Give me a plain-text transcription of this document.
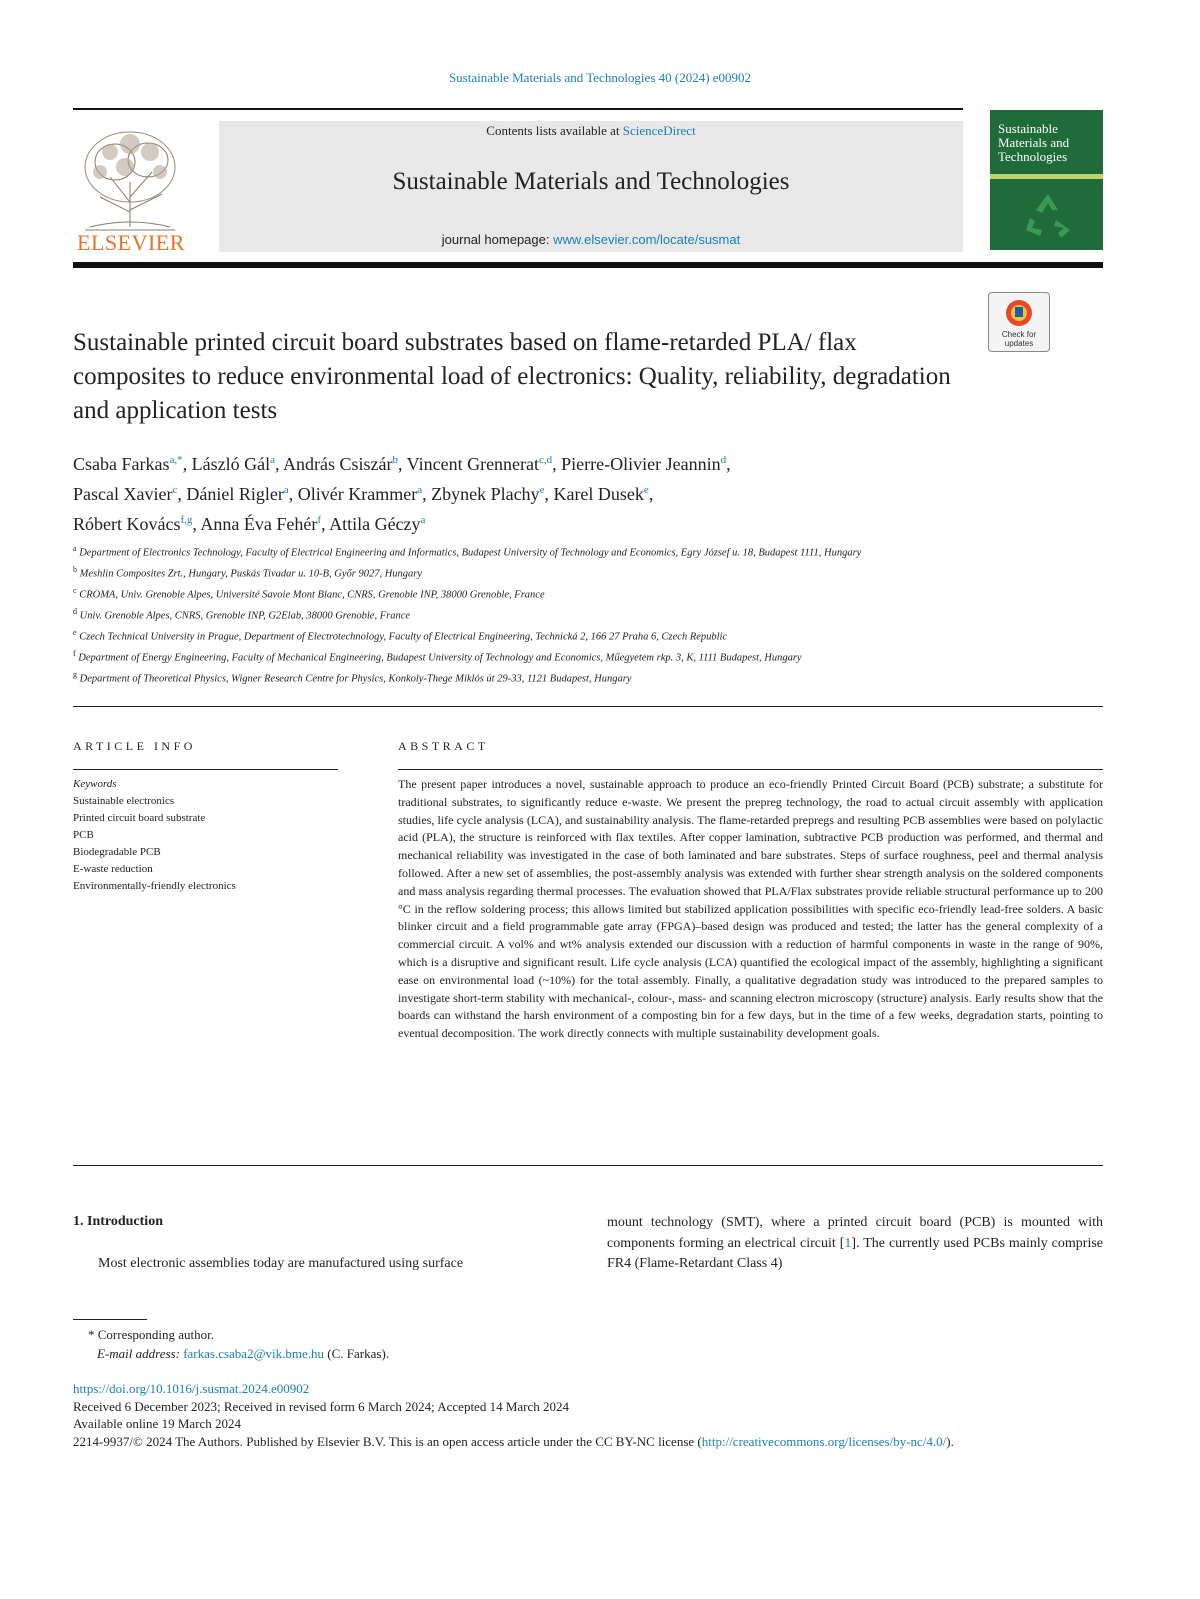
Sustainable Materials and Technologies 40 (2024) e00902
ELSEVIER
Contents lists available at ScienceDirect
Sustainable Materials and Technologies
journal homepage: www.elsevier.com/locate/susmat
Sustainable Materials and Technologies
Check for
updates
Sustainable printed circuit board substrates based on flame-retarded PLA/ flax composites to reduce environmental load of electronics: Quality, reliability, degradation and application tests
Csaba Farkas$^{a,*}$, László Gál$^a$, András Csiszár$^b$, Vincent Grennerat$^{c,d}$, Pierre-Olivier Jeannin$^d$,
Pascal Xavier$^c$, Dániel Rigler$^a$, Olivér Krammer$^a$, Zbynek Plachy$^e$, Karel Dusek$^e$,
Róbert Kovács$^{f,g}$, Anna Éva Fehér$^f$, Attila Géczy$^a$
$^a$ Department of Electronics Technology, Faculty of Electrical Engineering and Informatics, Budapest University of Technology and Economics, Egry József u. 18, Budapest 1111, Hungary
$^b$ Meshlin Composites Zrt., Hungary, Puskás Tivadar u. 10-B, Győr 9027, Hungary
$^c$ CROMA, Univ. Grenoble Alpes, Université Savoie Mont Blanc, CNRS, Grenoble INP, 38000 Grenoble, France
$^d$ Univ. Grenoble Alpes, CNRS, Grenoble INP, G2Elab, 38000 Grenoble, France
$^e$ Czech Technical University in Prague, Department of Electrotechnology, Faculty of Electrical Engineering, Technická 2, 166 27 Praha 6, Czech Republic
$^f$ Department of Energy Engineering, Faculty of Mechanical Engineering, Budapest University of Technology and Economics, Műegyetem rkp. 3, K, 1111 Budapest, Hungary
$^g$ Department of Theoretical Physics, Wigner Research Centre for Physics, Konkoly-Thege Miklós út 29-33, 1121 Budapest, Hungary
ARTICLE INFO
Keywords
Sustainable electronics
Printed circuit board substrate
PCB
Biodegradable PCB
E-waste reduction
Environmentally-friendly electronics
ABSTRACT
The present paper introduces a novel, sustainable approach to produce an eco-friendly Printed Circuit Board (PCB) substrate; a substitute for traditional substrates, to significantly reduce e-waste. We present the prepreg technology, the road to actual circuit assembly with application studies, life cycle analysis (LCA), and sustainability analysis. The flame-retarded prepregs and resulting PCB assemblies were based on polylactic acid (PLA), the structure is reinforced with flax textiles. After copper lamination, subtractive PCB production was performed, and thermal and mechanical reliability was investigated in the case of both laminated and bare substrates. Steps of surface roughness, peel and thermal analysis followed. After a new set of assemblies, the post-assembly analysis was extended with further shear strength analysis on the soldered components and mass analysis regarding thermal processes. The evaluation showed that PLA/Flax substrates provide reliable structural performance up to 200 °C in the reflow soldering process; this allows limited but stabilized application possibilities with specific eco-friendly lead-free solders. A basic blinker circuit and a field programmable gate array (FPGA)–based design was produced and tested; the latter has the general complexity of a commercial circuit. A vol% and wt% analysis extended our discussion with a reduction of harmful components in waste in the range of 90%, which is a disruptive and significant result. Life cycle analysis (LCA) quantified the ecological impact of the assembly, highlighting a significant ease on environmental load (~10%) for the total assembly. Finally, a qualitative degradation study was introduced to the prepared samples to investigate short-term stability with mechanical-, colour-, mass- and scanning electron microscopy (structure) analysis. Early results show that the boards can withstand the harsh environment of a composting bin for a few days, but in the time of a few weeks, degradation starts, pointing to eventual decomposition. The work directly connects with multiple sustainability development goals.
1. Introduction
Most electronic assemblies today are manufactured using surface
mount technology (SMT), where a printed circuit board (PCB) is mounted with components forming an electrical circuit [1]. The currently used PCBs mainly comprise FR4 (Flame-Retardant Class 4)
* Corresponding author.
E-mail address: farkas.csaba2@vik.bme.hu (C. Farkas).
https://doi.org/10.1016/j.susmat.2024.e00902
Received 6 December 2023; Received in revised form 6 March 2024; Accepted 14 March 2024
Available online 19 March 2024
2214-9937/© 2024 The Authors. Published by Elsevier B.V. This is an open access article under the CC BY-NC license (http://creativecommons.org/licenses/by-nc/4.0/).
